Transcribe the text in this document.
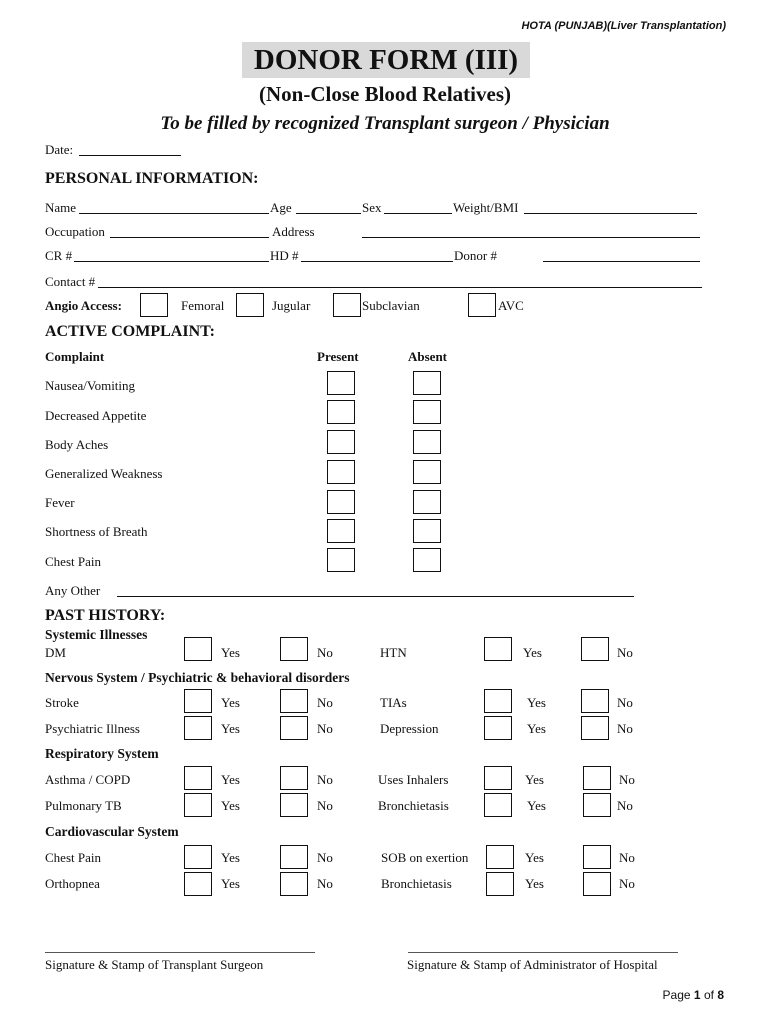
HOTA (PUNJAB)(Liver Transplantation)
DONOR FORM (III)
(Non-Close Blood Relatives)
To be filled by recognized Transplant surgeon / Physician
Date:
PERSONAL INFORMATION:
Name	Age	Sex	Weight/BMI
Occupation	Address
CR #	HD #	Donor #
Contact #
Angio Access:	Femoral	Jugular	Subclavian	AVC
ACTIVE COMPLAINT:
Complaint	Present	Absent
Nausea/Vomiting
Decreased Appetite
Body Aches
Generalized Weakness
Fever
Shortness of Breath
Chest Pain
Any Other
PAST HISTORY:
Systemic Illnesses
DM	Yes	No	HTN	Yes	No
Nervous System / Psychiatric & behavioral disorders
Stroke	Yes	No	TIAs	Yes	No
Psychiatric Illness	Yes	No	Depression	Yes	No
Respiratory System
Asthma / COPD	Yes	No	Uses Inhalers	Yes	No
Pulmonary TB	Yes	No	Bronchietasis	Yes	No
Cardiovascular System
Chest Pain	Yes	No	SOB on exertion	Yes	No
Orthopnea	Yes	No	Bronchietasis	Yes	No
Signature & Stamp of Transplant Surgeon	Signature & Stamp of Administrator of Hospital
Page 1 of 8
